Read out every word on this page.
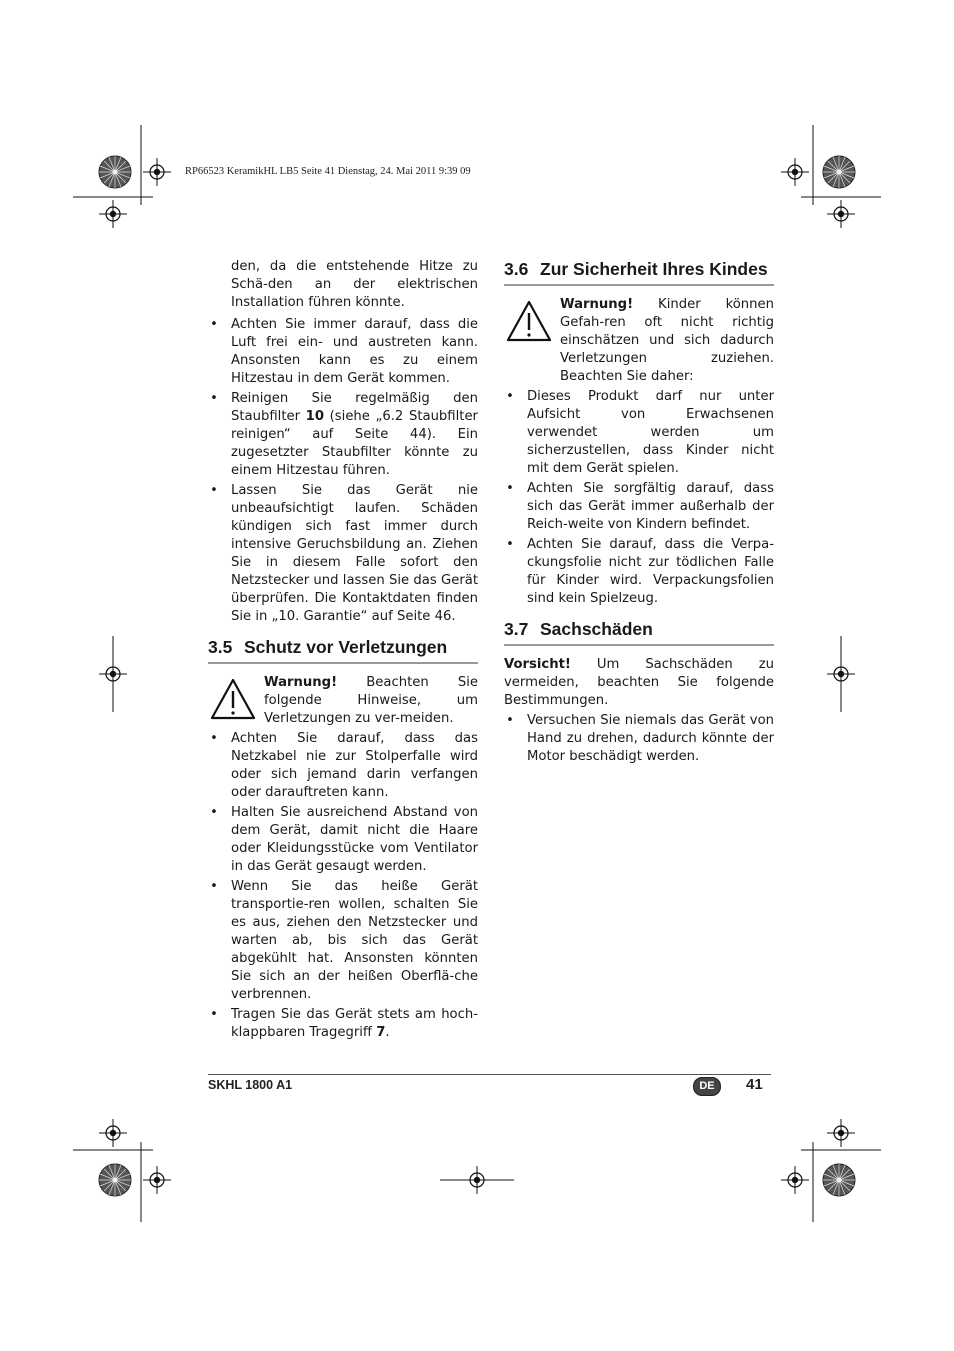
RP66523 KeramikHL LB5 Seite 41 Dienstag, 24. Mai 2011 9:39 09

den, da die entstehende Hitze zu Schä-den an der elektrischen Installation führen könnte.

• Achten Sie immer darauf, dass die Luft frei ein- und austreten kann. Ansonsten kann es zu einem Hitzestau in dem Gerät kommen.
• Reinigen Sie regelmäßig den Staubfilter 10 (siehe „6.2 Staubfilter reinigen“ auf Seite 44). Ein zugesetzter Staubfilter könnte zu einem Hitzestau führen.
• Lassen Sie das Gerät nie unbeaufsichtigt laufen. Schäden kündigen sich fast immer durch intensive Geruchsbildung an. Ziehen Sie in diesem Falle sofort den Netzstecker und lassen Sie das Gerät überprüfen. Die Kontaktdaten finden Sie in „10. Garantie“ auf Seite 46.
3.5 Schutz vor Verletzungen
Warnung! Beachten Sie folgende Hinweise, um Verletzungen zu ver-meiden.
• Achten Sie darauf, dass das Netzkabel nie zur Stolperfalle wird oder sich jemand darin verfangen oder darauftreten kann.
• Halten Sie ausreichend Abstand von dem Gerät, damit nicht die Haare oder Kleidungsstücke vom Ventilator in das Gerät gesaugt werden.
• Wenn Sie das heiße Gerät transportie-ren wollen, schalten Sie es aus, ziehen den Netzstecker und warten ab, bis sich das Gerät abgekühlt hat. Ansonsten könnten Sie sich an der heißen Oberflä-che verbrennen.
• Tragen Sie das Gerät stets am hoch-klappbaren Tragegriff 7.
3.6 Zur Sicherheit Ihres Kindes
Warnung! Kinder können Gefah-ren oft nicht richtig einschätzen und sich dadurch Verletzungen zuziehen. Beachten Sie daher:
• Dieses Produkt darf nur unter Aufsicht von Erwachsenen verwendet werden um sicherzustellen, dass Kinder nicht mit dem Gerät spielen.
• Achten Sie sorgfältig darauf, dass sich das Gerät immer außerhalb der Reich-weite von Kindern befindet.
• Achten Sie darauf, dass die Verpa-ckungsfolie nicht zur tödlichen Falle für Kinder wird. Verpackungsfolien sind kein Spielzeug.
3.7 Sachschäden

Vorsicht! Um Sachschäden zu vermeiden, beachten Sie folgende Bestimmungen.

• Versuchen Sie niemals das Gerät von Hand zu drehen, dadurch könnte der Motor beschädigt werden.
SKHL 1800 A1	DE	41
